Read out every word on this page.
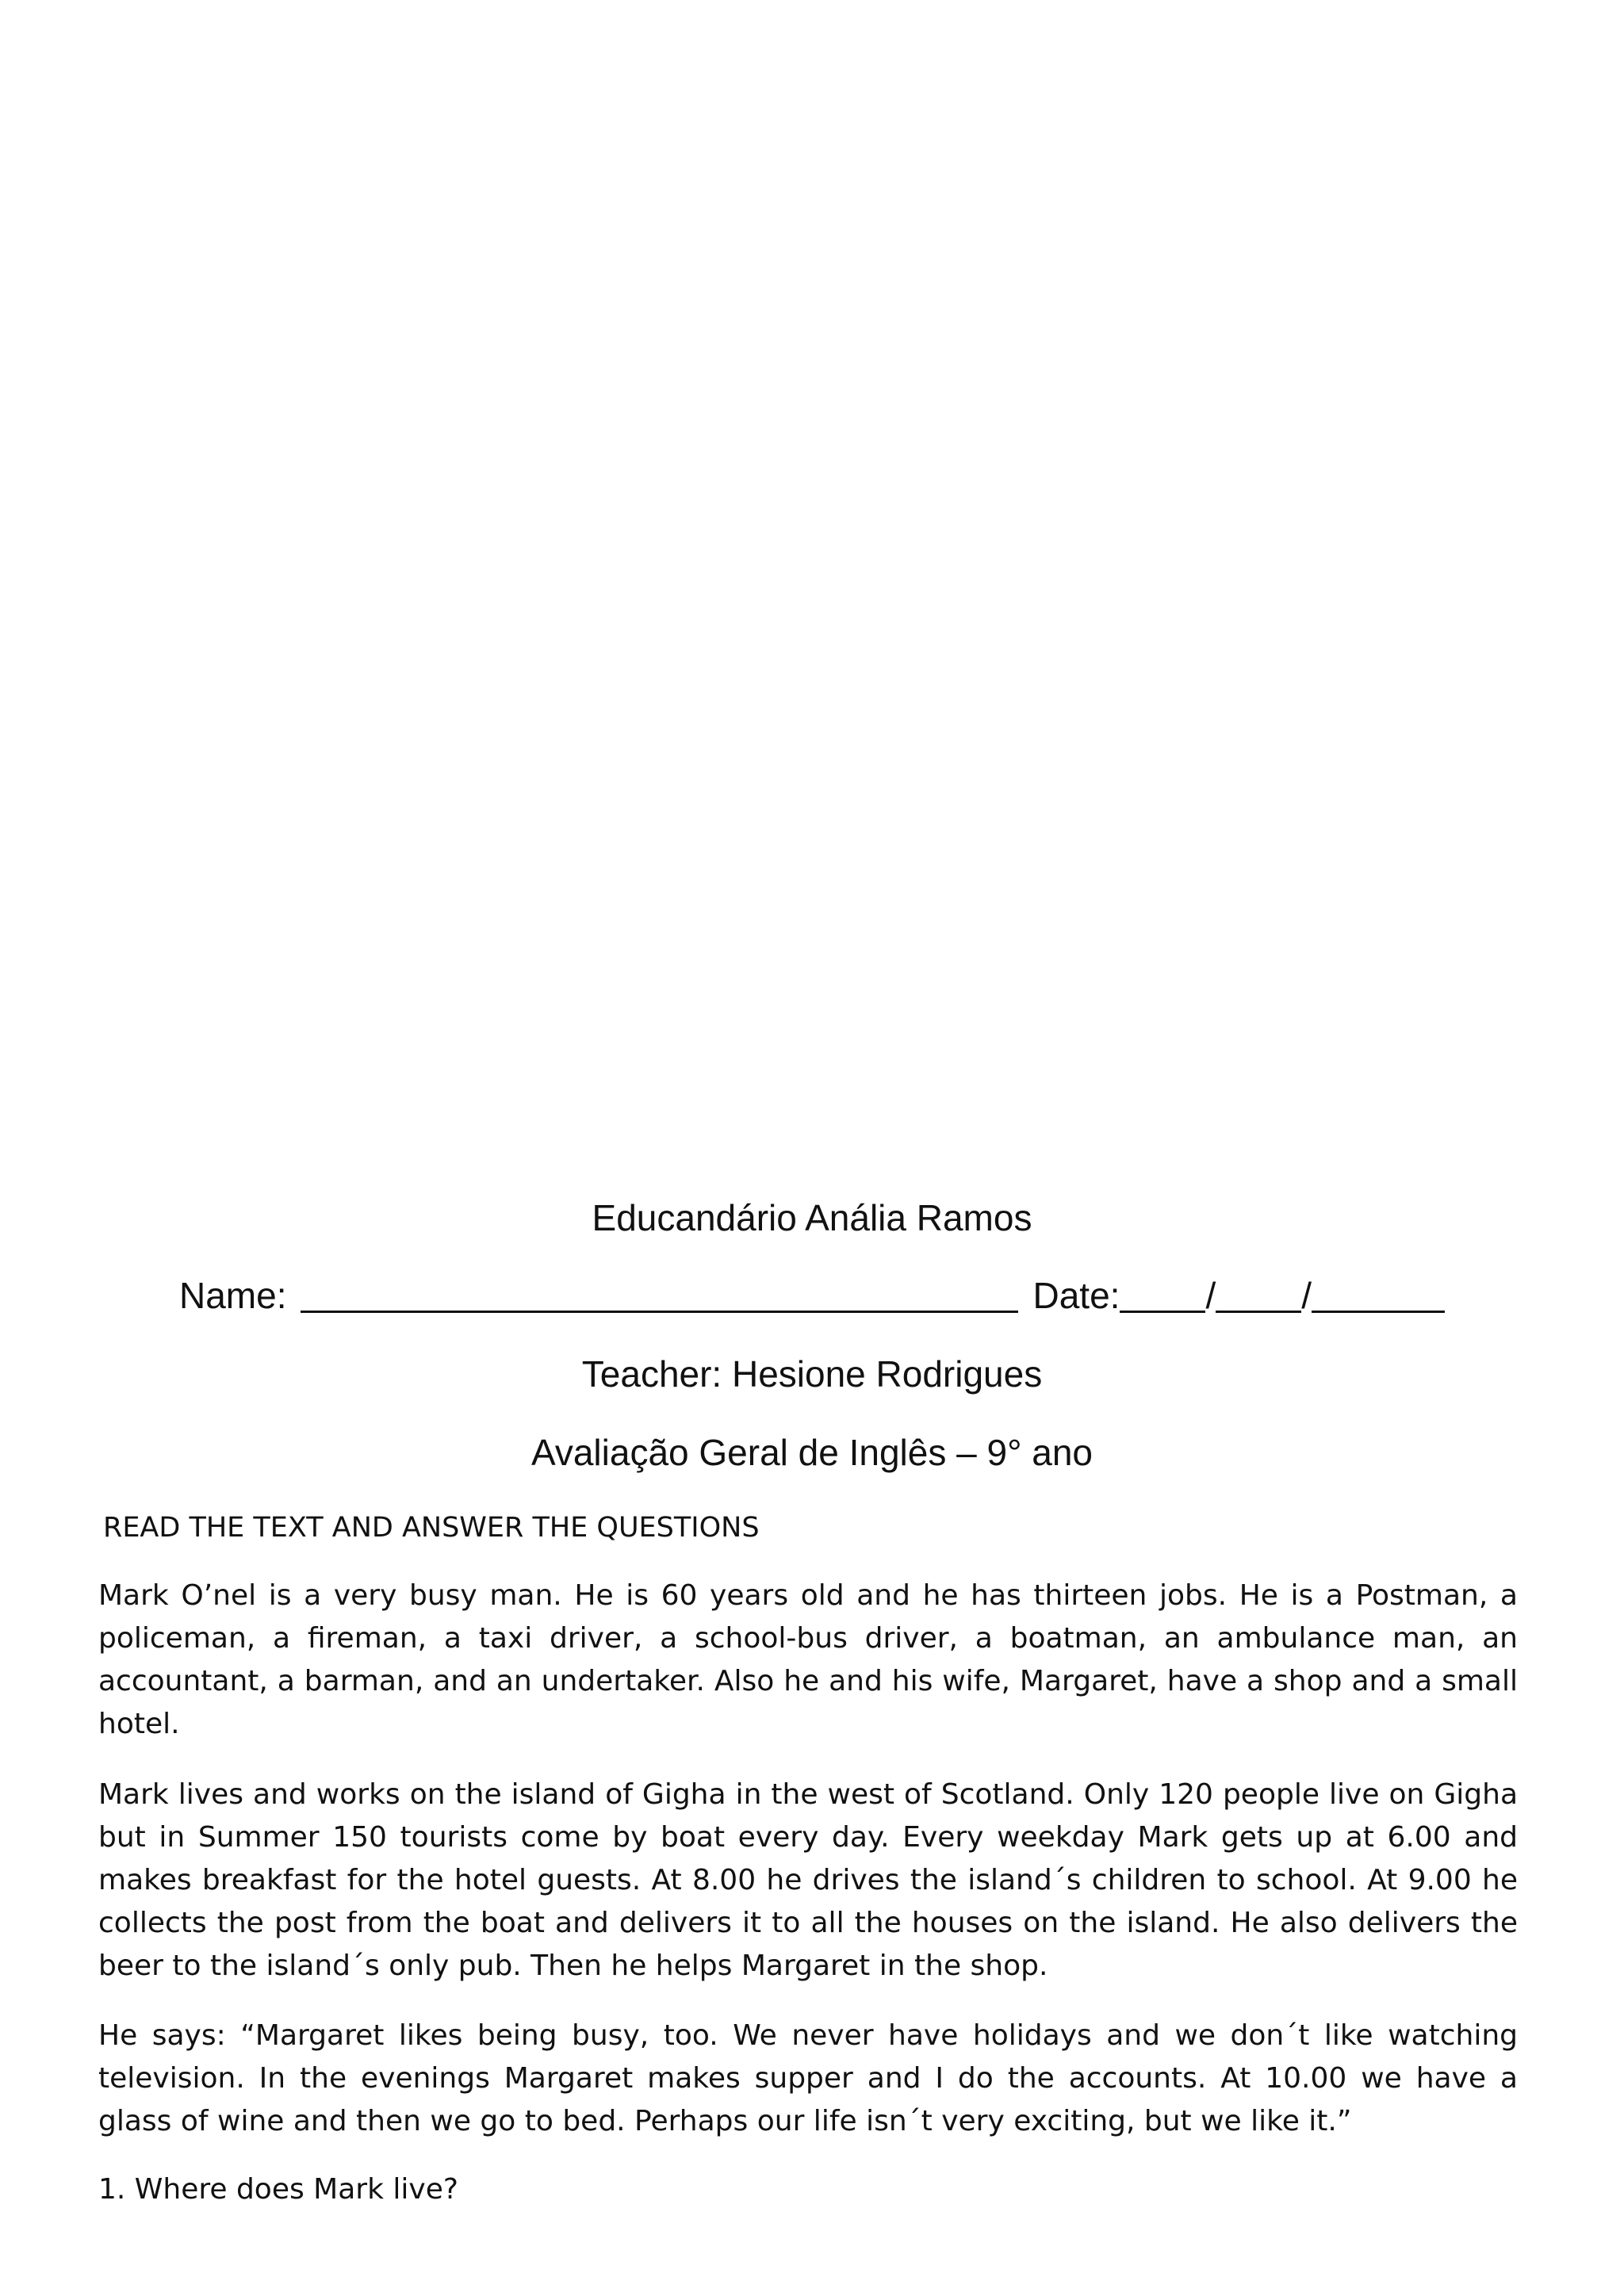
Educandário Anália Ramos
Name:	Date: / /
Teacher: Hesione Rodrigues
Avaliação Geral de Inglês – 9° ano
READ THE TEXT AND ANSWER THE QUESTIONS

Mark O’nel is a very busy man. He is 60 years old and he has thirteen jobs. He is a Postman, a policeman, a fireman, a taxi driver, a school-bus driver, a boatman, an ambulance man, an accountant, a barman, and an undertaker. Also he and his wife, Margaret, have a shop and a small hotel.

Mark lives and works on the island of Gigha in the west of Scotland. Only 120 people live on Gigha but in Summer 150 tourists come by boat every day. Every weekday Mark gets up at 6.00 and makes breakfast for the hotel guests. At 8.00 he drives the island´s children to school. At 9.00 he collects the post from the boat and delivers it to all the houses on the island. He also delivers the beer to the island´s only pub. Then he helps Margaret in the shop.

He says: “Margaret likes being busy, too. We never have holidays and we don´t like watching television. In the evenings Margaret makes supper and I do the accounts. At 10.00 we have a glass of wine and then we go to bed. Perhaps our life isn´t very exciting, but we like it.”

1. Where does Mark live?
